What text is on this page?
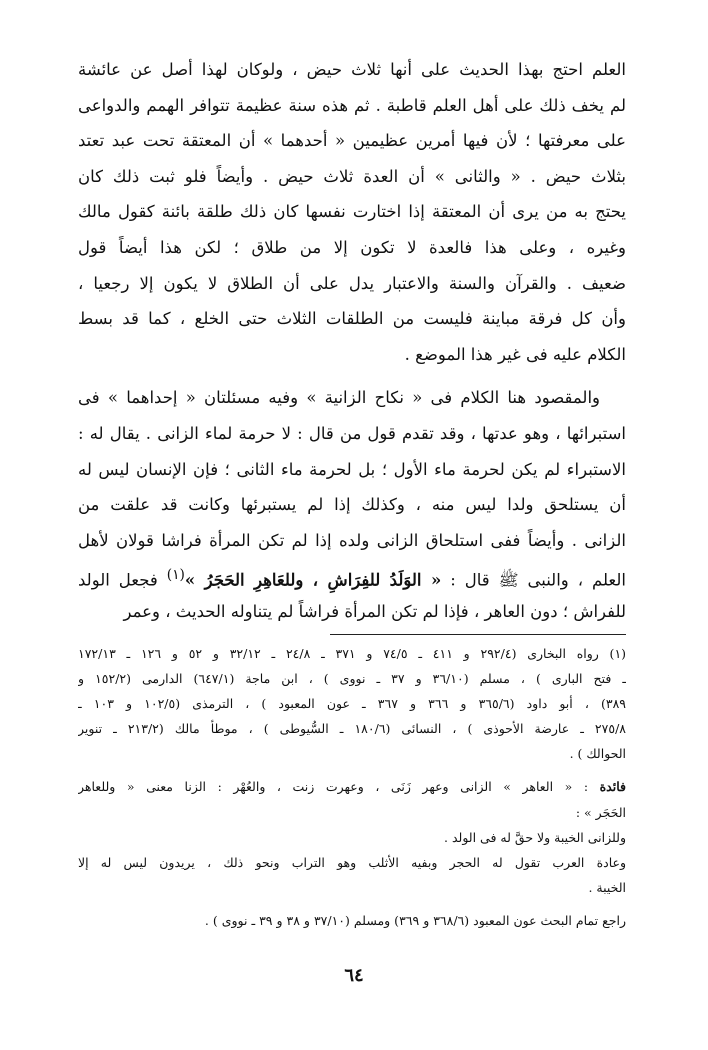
العلم احتج بهذا الحديث على أنها ثلاث حيض ، ولوكان لهذا أصل عن عائشة
لم يخف ذلك على أهل العلم قاطبة . ثم هذه سنة عظيمة تتوافر الهمم والدواعى
على معرفتها ؛ لأن فيها أمرين عظيمين « أحدهما » أن المعتقة تحت عبد تعتد
بثلاث حيض . « والثانى » أن العدة ثلاث حيض . وأيضاً فلو ثبت ذلك كان
يحتج به من يرى أن المعتقة إذا اختارت نفسها كان ذلك طلقة بائنة كقول مالك
وغيره ، وعلى هذا فالعدة لا تكون إلا من طلاق ؛ لكن هذا أيضاً قول
ضعيف . والقرآن والسنة والاعتبار يدل على أن الطلاق لا يكون إلا رجعيا ،
وأن كل فرقة مباينة فليست من الطلقات الثلاث حتى الخلع ، كما قد بسط
الكلام عليه فى غير هذا الموضع .
والمقصود هنا الكلام فى « نكاح الزانية » وفيه مسئلتان « إحداهما » فى
استبرائها ، وهو عدتها ، وقد تقدم قول من قال : لا حرمة لماء الزانى . يقال له :
الاستبراء لم يكن لحرمة ماء الأول ؛ بل لحرمة ماء الثانى ؛ فإن الإنسان ليس له
أن يستلحق ولدا ليس منه ، وكذلك إذا لم يستبرئها وكانت قد علقت من
الزانى . وأيضاً ففى استلحاق الزانى ولده إذا لم تكن المرأة فراشا قولان لأهل
العلم ، والنبى ﷺ قال : « الوَلَدُ للفِرَاشِ ، وللعَاهِرِ الحَجَرُ »$^{(١)}$ فجعل الولد
للفراش ؛ دون العاهر ، فإذا لم تكن المرأة فراشاً لم يتناوله الحديث ، وعمر
(١) رواه البخارى (٢٩٢/٤ و ٤١١ ـ ٧٤/٥ و ٣٧١ ـ ٢٤/٨ ـ ٣٢/١٢ و ٥٢ و ١٢٦ ـ ١٧٢/١٣
ـ فتح البارى ) ، مسلم (٣٦/١٠ و ٣٧ ـ نووى ) ، ابن ماجة (٦٤٧/١) الدارمى (١٥٢/٢ و
٣٨٩) ، أبو داود (٣٦٥/٦ و ٣٦٦ و ٣٦٧ ـ عون المعبود ) ، الترمذى (١٠٢/٥ و ١٠٣ ـ
٢٧٥/٨ ـ عارضة الأحوذى ) ، النسائى (١٨٠/٦ ـ السُّيوطى ) ، موطأ مالك (٢١٣/٢ ـ تنوير
الحوالك ) .
فائدة : « العاهر » الزانى وعهر زَنَى ، وعهرت زنت ، والعُهْر : الزنا معنى « وللعاهر
الحَجَر » :
وللزانى الخيبة ولا حقَّ له فى الولد .
وعادة العرب تقول له الحجر وبفيه الأثلب وهو التراب ونحو ذلك ، يريدون ليس له إلا
الخيبة .
راجع تمام البحث عون المعبود (٣٦٨/٦ و ٣٦٩) ومسلم (٣٧/١٠ و ٣٨ و ٣٩ ـ نووى ) .
٦٤
